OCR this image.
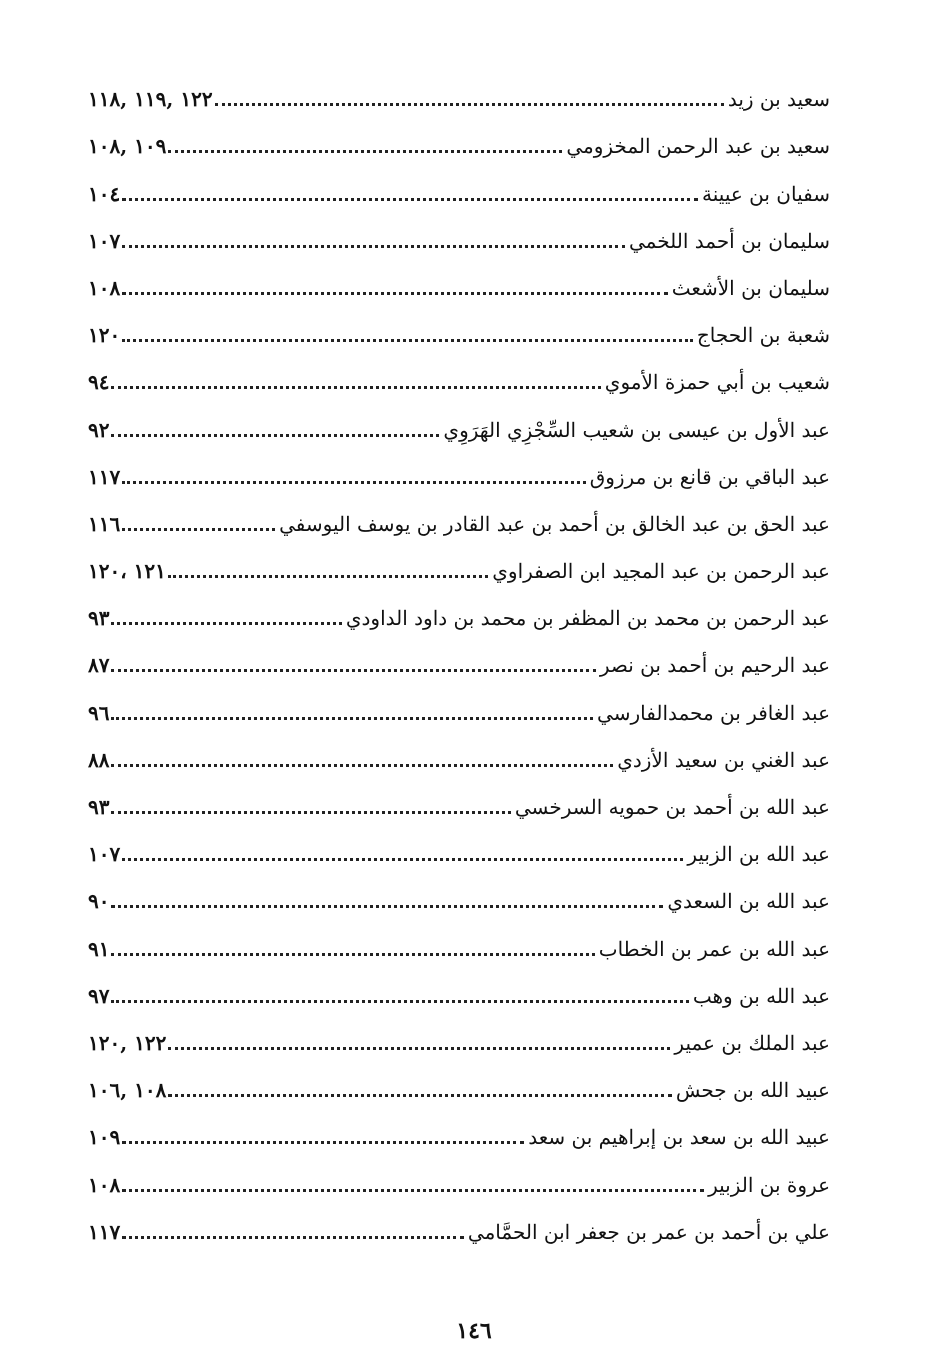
سعيد بن زيد
١٢٢ ,١١٩ ,١١٨
سعيد بن عبد الرحمن المخزومي
١٠٩ ,١٠٨
سفيان بن عيينة
١٠٤
سليمان بن أحمد اللخمي
١٠٧
سليمان بن الأشعث
١٠٨
شعبة بن الحجاج
١٢٠
شعيب بن أبي حمزة الأموي
٩٤
عبد الأول بن عيسى بن شعيب السِّجْزِي الهَرَوِي
٩٢
عبد الباقي بن قانع بن مرزوق
١١٧
عبد الحق بن عبد الخالق بن أحمد بن عبد القادر بن يوسف اليوسفي
١١٦
عبد الرحمن بن عبد المجيد ابن الصفراوي
١٢١ ،١٢٠
عبد الرحمن بن محمد بن المظفر بن محمد بن داود الداودي
٩٣
عبد الرحيم بن أحمد بن نصر
٨٧
عبد الغافر بن محمدالفارسي
٩٦
عبد الغني بن سعيد الأزدي
٨٨
عبد الله بن أحمد بن حمويه السرخسي
٩٣
عبد الله بن الزبير
١٠٧
عبد الله بن السعدي
٩٠
عبد الله بن عمر بن الخطاب
٩١
عبد الله بن وهب
٩٧
عبد الملك بن عمير
١٢٢ ,١٢٠
عبيد الله بن جحش
١٠٨ ,١٠٦
عبيد الله بن سعد بن إبراهيم بن سعد
١٠٩
عروة بن الزبير
١٠٨
علي بن أحمد بن عمر بن جعفر ابن الحمَّامي
١١٧
١٤٦
